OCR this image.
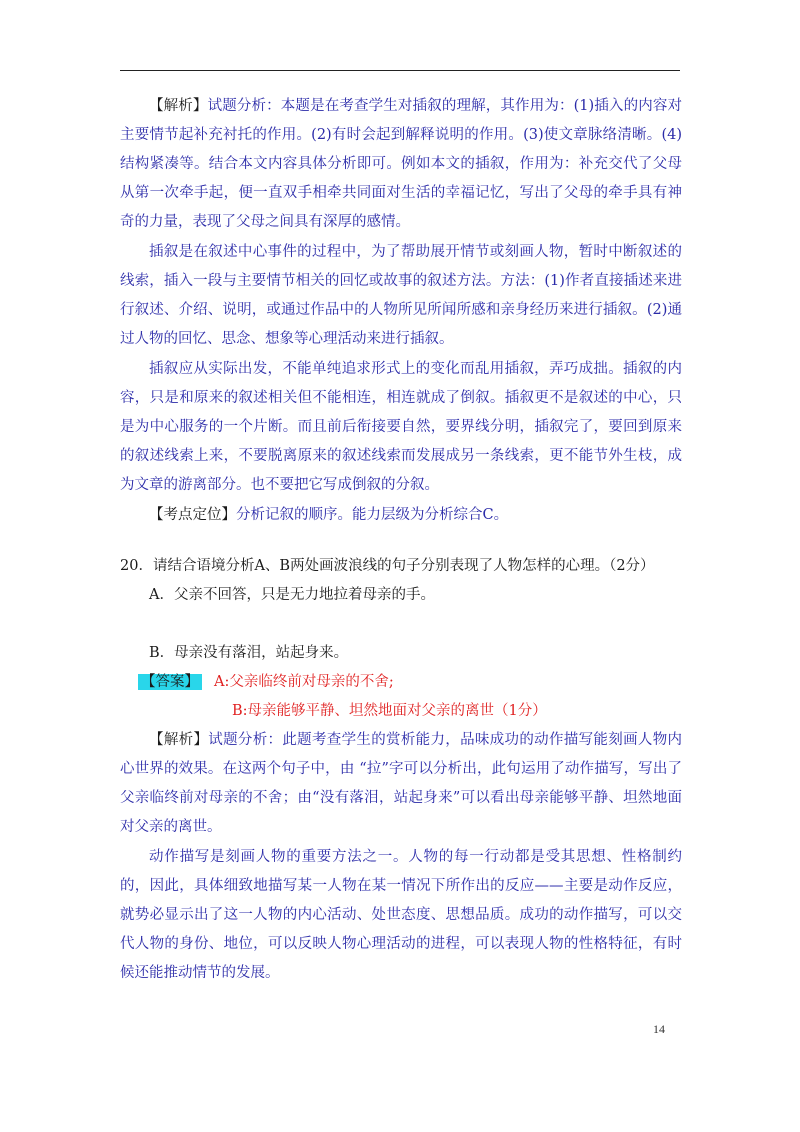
【解析】试题分析：本题是在考查学生对插叙的理解，其作用为：(1)插入的内容对主要情节起补充衬托的作用。(2)有时会起到解释说明的作用。(3)使文章脉络清晰。(4)结构紧凑等。结合本文内容具体分析即可。例如本文的插叙，作用为：补充交代了父母从第一次牵手起，便一直双手相牵共同面对生活的幸福记忆，写出了父母的牵手具有神奇的力量，表现了父母之间具有深厚的感情。

插叙是在叙述中心事件的过程中，为了帮助展开情节或刻画人物，暂时中断叙述的线索，插入一段与主要情节相关的回忆或故事的叙述方法。方法：(1)作者直接插述来进行叙述、介绍、说明，或通过作品中的人物所见所闻所感和亲身经历来进行插叙。(2)通过人物的回忆、思念、想象等心理活动来进行插叙。

插叙应从实际出发，不能单纯追求形式上的变化而乱用插叙，弄巧成拙。插叙的内容，只是和原来的叙述相关但不能相连，相连就成了倒叙。插叙更不是叙述的中心，只是为中心服务的一个片断。而且前后衔接要自然，要界线分明，插叙完了，要回到原来的叙述线索上来，不要脱离原来的叙述线索而发展成另一条线索，更不能节外生枝，成为文章的游离部分。也不要把它写成倒叙的分叙。

【考点定位】分析记叙的顺序。能力层级为分析综合C。

20．请结合语境分析A、B两处画波浪线的句子分别表现了人物怎样的心理。（2分）

A．父亲不回答，只是无力地拉着母亲的手。

B．母亲没有落泪，站起身来。

【答案】 A:父亲临终前对母亲的不舍;

B:母亲能够平静、坦然地面对父亲的离世（1分）

【解析】试题分析：此题考查学生的赏析能力，品味成功的动作描写能刻画人物内心世界的效果。在这两个句子中，由 “拉”字可以分析出，此句运用了动作描写，写出了父亲临终前对母亲的不舍；由“没有落泪，站起身来”可以看出母亲能够平静、坦然地面对父亲的离世。

动作描写是刻画人物的重要方法之一。人物的每一行动都是受其思想、性格制约的，因此，具体细致地描写某一人物在某一情况下所作出的反应——主要是动作反应，就势必显示出了这一人物的内心活动、处世态度、思想品质。成功的动作描写，可以交代人物的身份、地位，可以反映人物心理活动的进程，可以表现人物的性格特征，有时候还能推动情节的发展。

14
